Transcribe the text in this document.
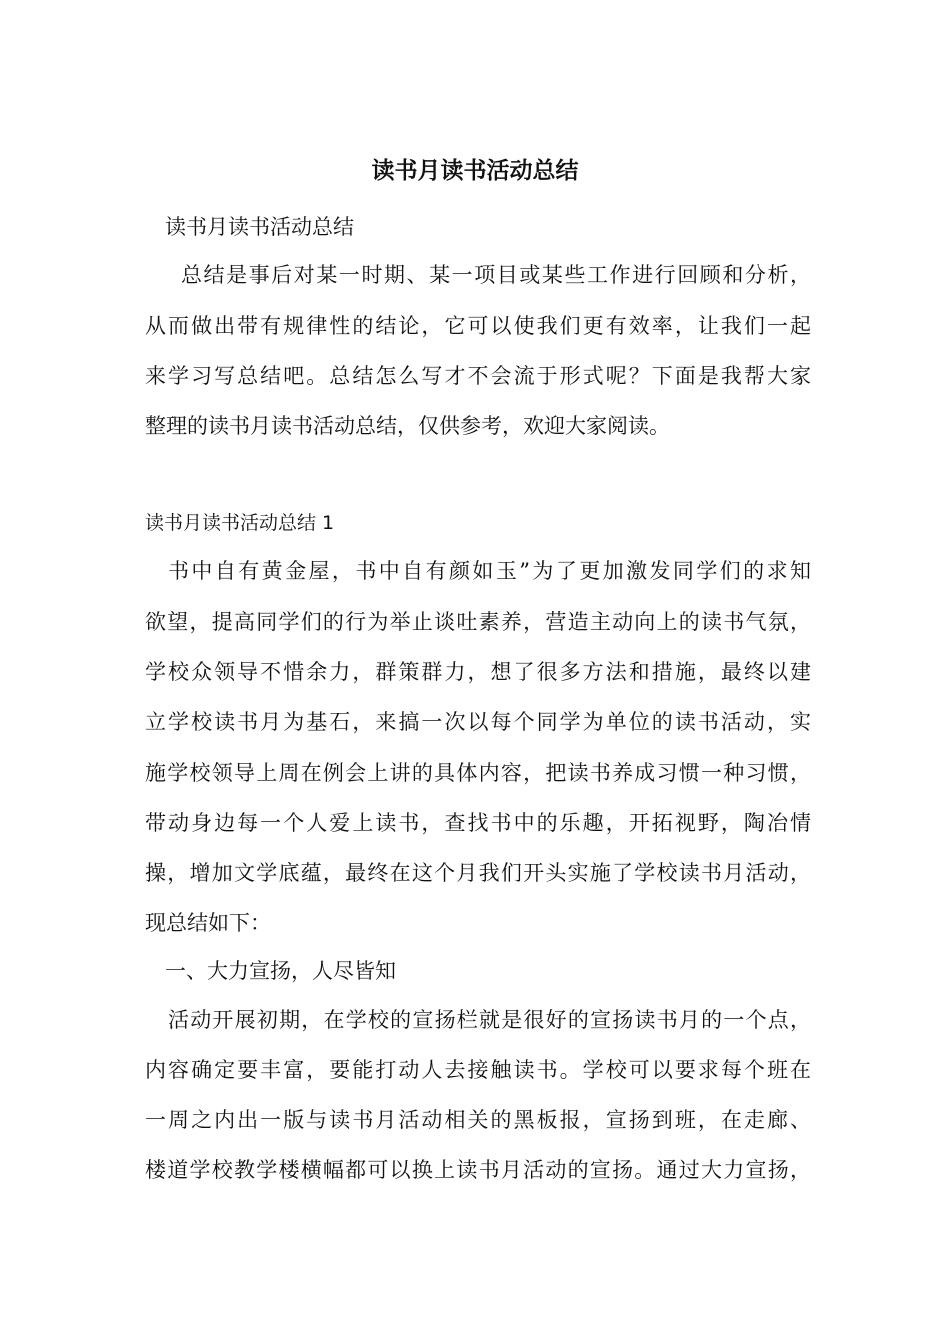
读书月读书活动总结

读书月读书活动总结

总结是事后对某一时期、某一项目或某些工作进行回顾和分析，

从而做出带有规律性的结论，它可以使我们更有效率，让我们一起

来学习写总结吧。总结怎么写才不会流于形式呢？下面是我帮大家

整理的读书月读书活动总结，仅供参考，欢迎大家阅读。

读书月读书活动总结 1

书中自有黄金屋，书中自有颜如玉”为了更加激发同学们的求知

欲望，提高同学们的行为举止谈吐素养，营造主动向上的读书气氛，

学校众领导不惜余力，群策群力，想了很多方法和措施，最终以建

立学校读书月为基石，来搞一次以每个同学为单位的读书活动，实

施学校领导上周在例会上讲的具体内容，把读书养成习惯一种习惯，

带动身边每一个人爱上读书，查找书中的乐趣，开拓视野，陶冶情

操，增加文学底蕴，最终在这个月我们开头实施了学校读书月活动，

现总结如下：

一、大力宣扬，人尽皆知

活动开展初期，在学校的宣扬栏就是很好的宣扬读书月的一个点，

内容确定要丰富，要能打动人去接触读书。学校可以要求每个班在

一周之内出一版与读书月活动相关的黑板报，宣扬到班，在走廊、

楼道学校教学楼横幅都可以换上读书月活动的宣扬。通过大力宣扬，
